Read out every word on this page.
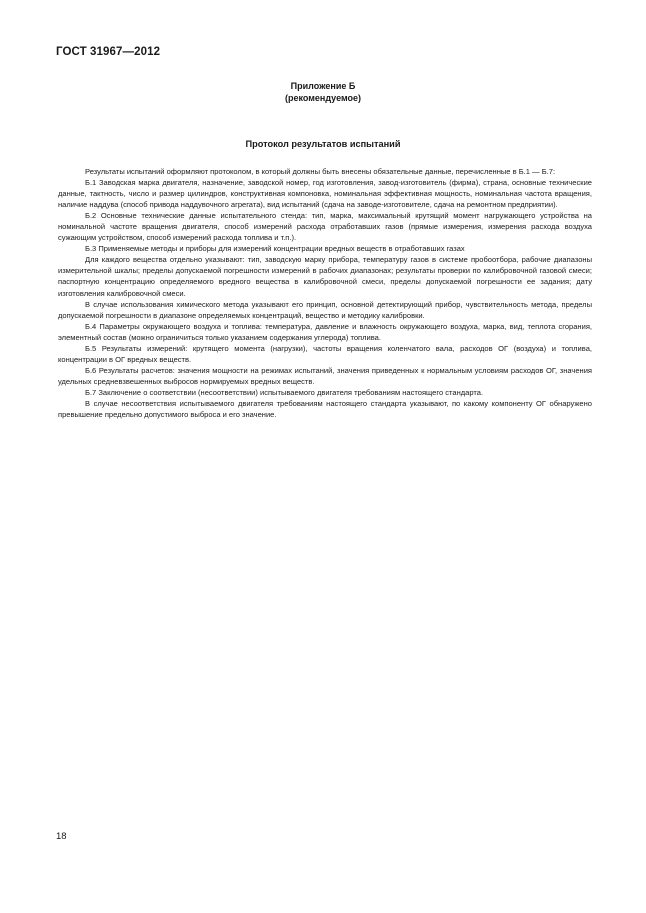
ГОСТ 31967—2012
Приложение Б
(рекомендуемое)
Протокол результатов испытаний

Результаты испытаний оформляют протоколом, в который должны быть внесены обязательные данные, перечисленные в Б.1 — Б.7:

Б.1 Заводская марка двигателя, назначение, заводской номер, год изготовления, завод-изготовитель (фирма), страна, основные технические данные, тактность, число и размер цилиндров, конструктивная компоновка, номинальная эффективная мощность, номинальная частота вращения, наличие наддува (способ привода наддувочного агрегата), вид испытаний (сдача на заводе-изготовителе, сдача на ремонтном предприятии).

Б.2 Основные технические данные испытательного стенда: тип, марка, максимальный крутящий момент нагружающего устройства на номинальной частоте вращения двигателя, способ измерений расхода отработавших газов (прямые измерения, измерения расхода воздуха сужающим устройством, способ измерений расхода топлива и т.п.).

Б.3 Применяемые методы и приборы для измерений концентрации вредных веществ в отработавших газах

Для каждого вещества отдельно указывают: тип, заводскую марку прибора, температуру газов в системе пробоотбора, рабочие диапазоны измерительной шкалы; пределы допускаемой погрешности измерений в рабочих диапазонах; результаты проверки по калибровочной газовой смеси; паспортную концентрацию определяемого вредного вещества в калибровочной смеси, пределы допускаемой погрешности ее задания; дату изготовления калибровочной смеси.

В случае использования химического метода указывают его принцип, основной детектирующий прибор, чувствительность метода, пределы допускаемой погрешности в диапазоне определяемых концентраций, вещество и методику калибровки.

Б.4 Параметры окружающего воздуха и топлива: температура, давление и влажность окружающего воздуха, марка, вид, теплота сгорания, элементный состав (можно ограничиться только указанием содержания углерода) топлива.

Б.5 Результаты измерений: крутящего момента (нагрузки), частоты вращения коленчатого вала, расходов ОГ (воздуха) и топлива, концентрации в ОГ вредных веществ.

Б.6 Результаты расчетов: значения мощности на режимах испытаний, значения приведенных к нормальным условиям расходов ОГ, значения удельных средневзвешенных выбросов нормируемых вредных веществ.

Б.7 Заключение о соответствии (несоответствии) испытываемого двигателя требованиям настоящего стандарта.

В случае несоответствия испытываемого двигателя требованиям настоящего стандарта указывают, по какому компоненту ОГ обнаружено превышение предельно допустимого выброса и его значение.

18
